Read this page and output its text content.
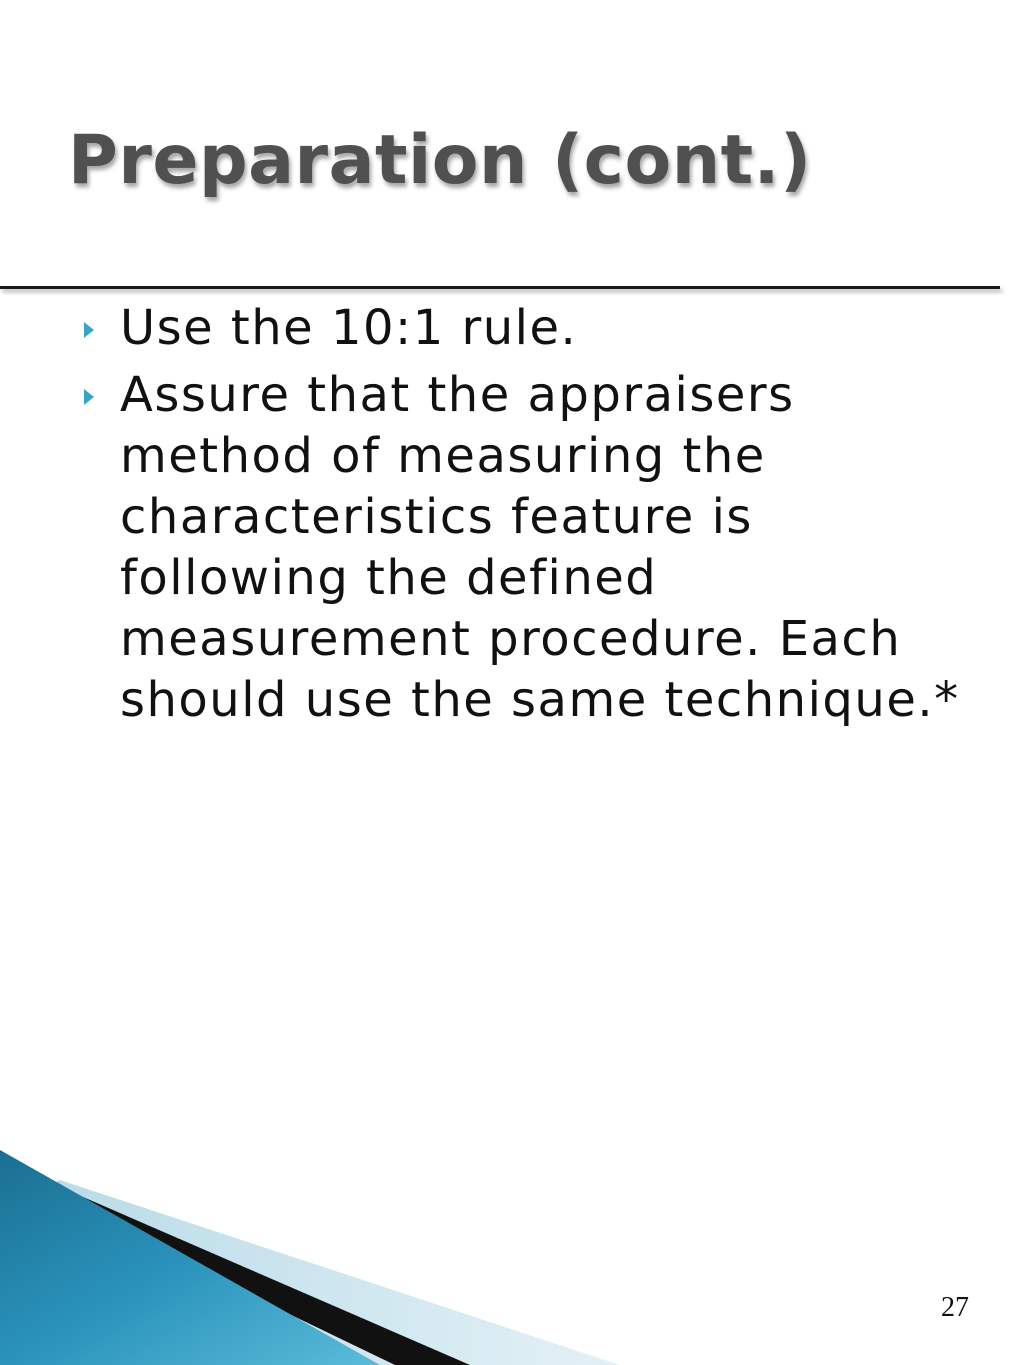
Preparation (cont.)
Use the 10:1 rule.
Assure that the appraisers method of measuring the characteristics feature is following the defined measurement procedure. Each should use the same technique.*
27
